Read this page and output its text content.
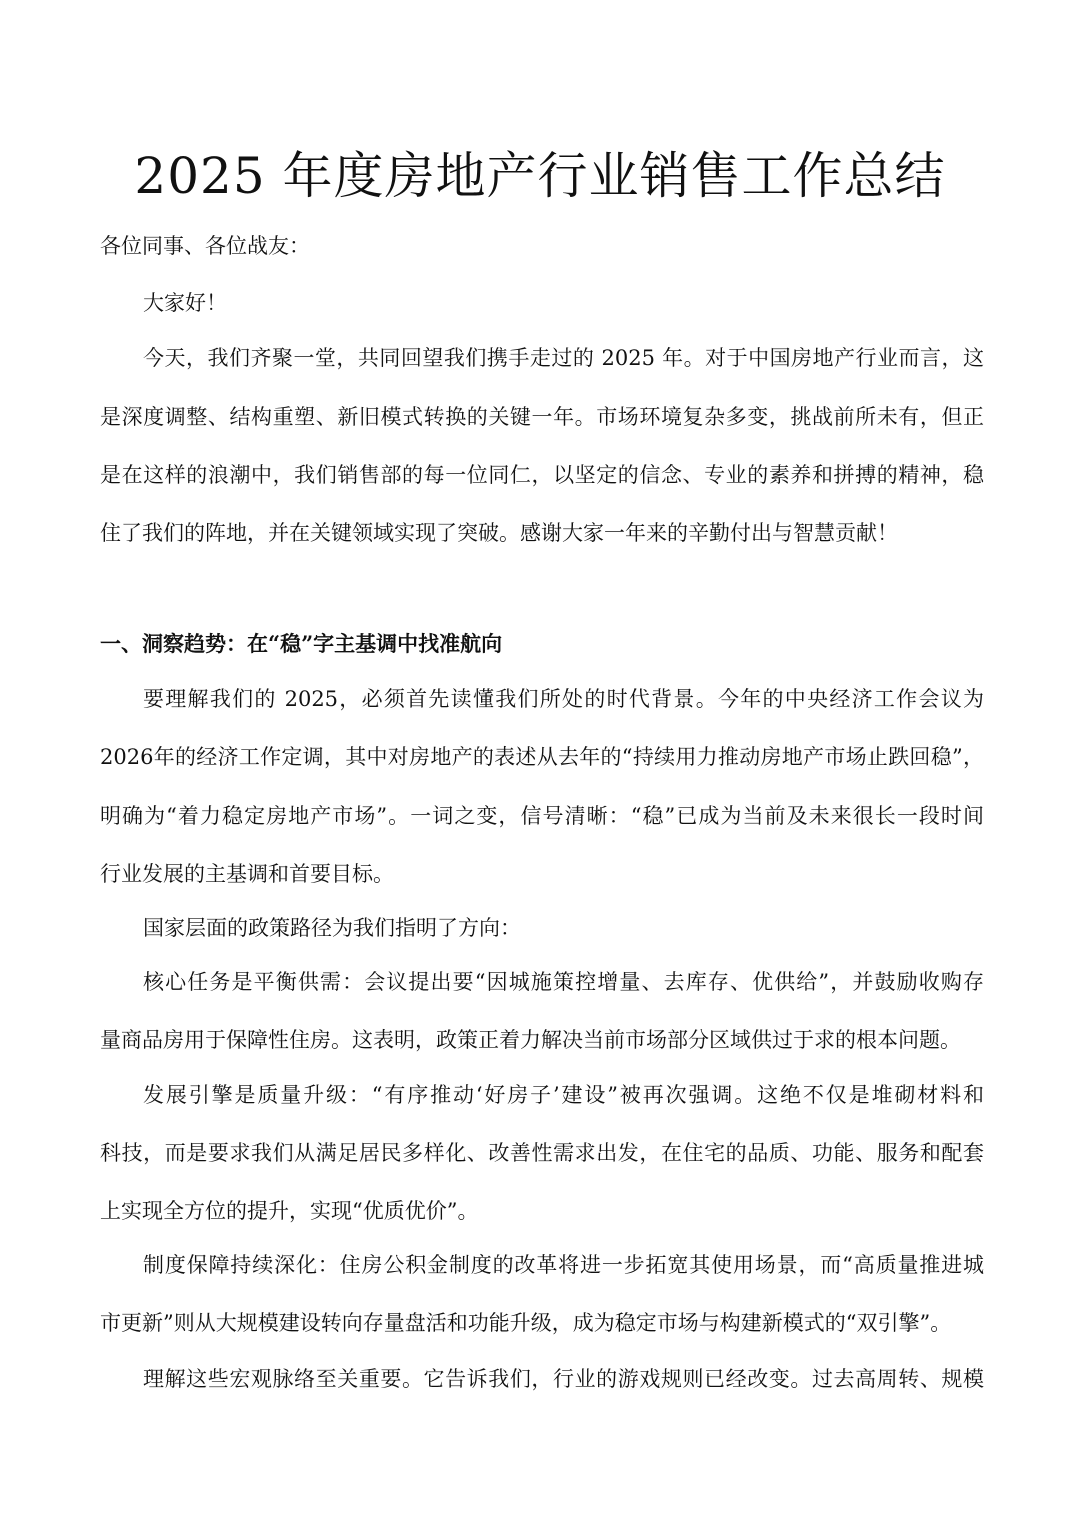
2025 年度房地产行业销售工作总结

各位同事、各位战友：

大家好！

今天，我们齐聚一堂，共同回望我们携手走过的 2025 年。对于中国房地产行业而言，这

是深度调整、结构重塑、新旧模式转换的关键一年。市场环境复杂多变，挑战前所未有，但正

是在这样的浪潮中，我们销售部的每一位同仁，以坚定的信念、专业的素养和拼搏的精神，稳

住了我们的阵地，并在关键领域实现了突破。感谢大家一年来的辛勤付出与智慧贡献！

一、洞察趋势：在“稳”字主基调中找准航向

要理解我们的 2025，必须首先读懂我们所处的时代背景。今年的中央经济工作会议为

2026年的经济工作定调，其中对房地产的表述从去年的“持续用力推动房地产市场止跌回稳”，

明确为“着力稳定房地产市场”。一词之变，信号清晰：“稳”已成为当前及未来很长一段时间

行业发展的主基调和首要目标。

国家层面的政策路径为我们指明了方向：

核心任务是平衡供需：会议提出要“因城施策控增量、去库存、优供给”，并鼓励收购存

量商品房用于保障性住房。这表明，政策正着力解决当前市场部分区域供过于求的根本问题。

发展引擎是质量升级：“有序推动‘好房子’建设”被再次强调。这绝不仅是堆砌材料和

科技，而是要求我们从满足居民多样化、改善性需求出发，在住宅的品质、功能、服务和配套

上实现全方位的提升，实现“优质优价”。

制度保障持续深化：住房公积金制度的改革将进一步拓宽其使用场景，而“高质量推进城

市更新”则从大规模建设转向存量盘活和功能升级，成为稳定市场与构建新模式的“双引擎”。

理解这些宏观脉络至关重要。它告诉我们，行业的游戏规则已经改变。过去高周转、规模
